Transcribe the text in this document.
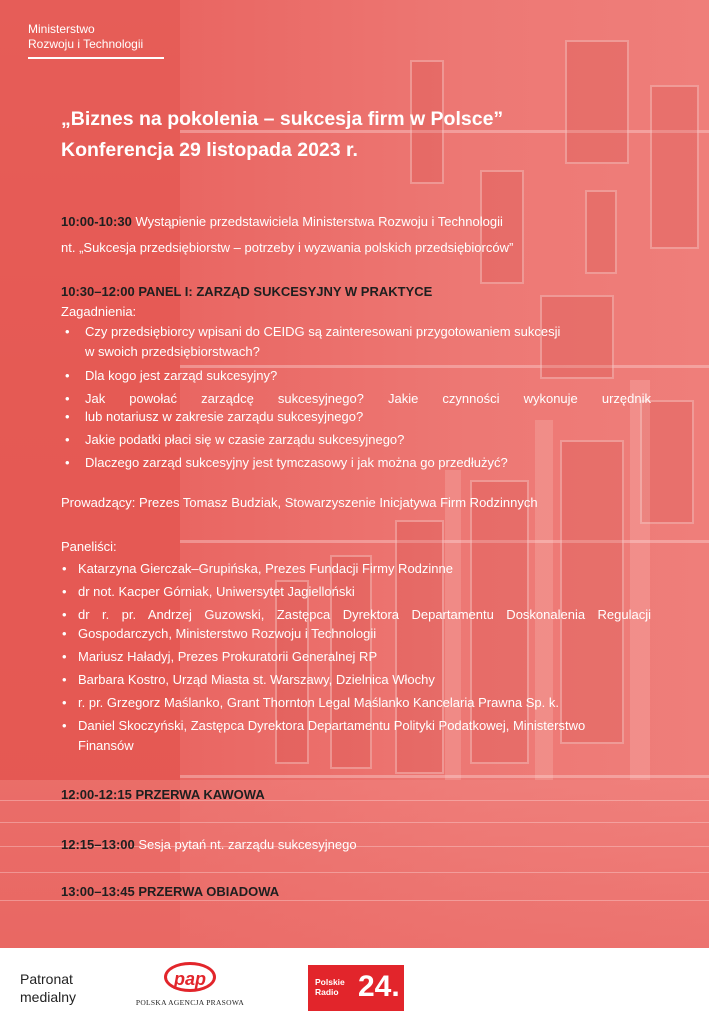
Ministerstwo
Rozwoju i Technologii
„Biznes na pokolenia – sukcesja firm w Polsce”
Konferencja 29 listopada 2023 r.

10:00-10:30 Wystąpienie przedstawiciela Ministerstwa Rozwoju i Technologii

nt. „Sukcesja przedsiębiorstw – potrzeby i wyzwania polskich przedsiębiorców”

10:30–12:00 PANEL I: ZARZĄD SUKCESYJNY W PRAKTYCE

Zagadnienia:

• Czy przedsiębiorcy wpisani do CEIDG są zainteresowani przygotowaniem sukcesji
w swoich przedsiębiorstwach?
• Dla kogo jest zarząd sukcesyjny?
• Jak powołać zarządcę sukcesyjnego? Jakie czynności wykonuje urzędnik
• lub notariusz w zakresie zarządu sukcesyjnego?
• Jakie podatki płaci się w czasie zarządu sukcesyjnego?
• Dlaczego zarząd sukcesyjny jest tymczasowy i jak można go przedłużyć?

Prowadzący: Prezes Tomasz Budziak, Stowarzyszenie Inicjatywa Firm Rodzinnych

Paneliści:

• Katarzyna Gierczak–Grupińska, Prezes Fundacji Firmy Rodzinne
• dr not. Kacper Górniak, Uniwersytet Jagielloński
• dr r. pr. Andrzej Guzowski, Zastępca Dyrektora Departamentu Doskonalenia Regulacji
• Gospodarczych, Ministerstwo Rozwoju i Technologii
• Mariusz Haładyj, Prezes Prokuratorii Generalnej RP
• Barbara Kostro, Urząd Miasta st. Warszawy, Dzielnica Włochy
• r. pr. Grzegorz Maślanko, Grant Thornton Legal Maślanko Kancelaria Prawna Sp. k.
• Daniel Skoczyński, Zastępca Dyrektora Departamentu Polityki Podatkowej, Ministerstwo
Finansów

12:00-12:15 PRZERWA KAWOWA

12:15–13:00 Sesja pytań nt. zarządu sukcesyjnego

13:00–13:45 PRZERWA OBIADOWA

Patronat
medialny
pap
POLSKA AGENCJA PRASOWA
Polskie
Radio 24.
